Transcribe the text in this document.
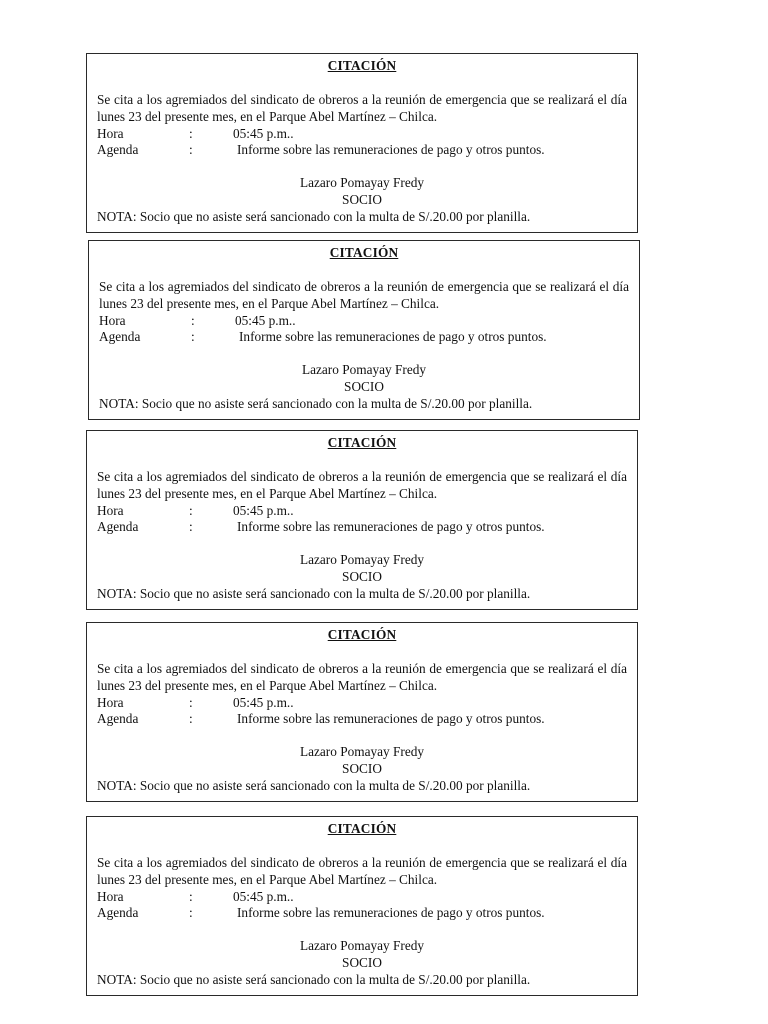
CITACIÓN
Se cita a los agremiados del sindicato de obreros a la reunión de emergencia que se realizará el día lunes 23 del presente mes, en el Parque Abel Martínez – Chilca.
Hora	:	05:45 p.m..
Agenda	:	Informe sobre las remuneraciones de pago y otros puntos.
Lazaro Pomayay Fredy
SOCIO
NOTA: Socio que no asiste será sancionado con la multa de S/.20.00 por planilla.
CITACIÓN
Se cita a los agremiados del sindicato de obreros a la reunión de emergencia que se realizará el día lunes 23 del presente mes, en el Parque Abel Martínez – Chilca.
Hora	:	05:45 p.m..
Agenda	:	Informe sobre las remuneraciones de pago y otros puntos.
Lazaro Pomayay Fredy
SOCIO
NOTA: Socio que no asiste será sancionado con la multa de S/.20.00 por planilla.
CITACIÓN
Se cita a los agremiados del sindicato de obreros a la reunión de emergencia que se realizará el día lunes 23 del presente mes, en el Parque Abel Martínez – Chilca.
Hora	:	05:45 p.m..
Agenda	:	Informe sobre las remuneraciones de pago y otros puntos.
Lazaro Pomayay Fredy
SOCIO
NOTA: Socio que no asiste será sancionado con la multa de S/.20.00 por planilla.
CITACIÓN
Se cita a los agremiados del sindicato de obreros a la reunión de emergencia que se realizará el día lunes 23 del presente mes, en el Parque Abel Martínez – Chilca.
Hora	:	05:45 p.m..
Agenda	:	Informe sobre las remuneraciones de pago y otros puntos.
Lazaro Pomayay Fredy
SOCIO
NOTA: Socio que no asiste será sancionado con la multa de S/.20.00 por planilla.
CITACIÓN
Se cita a los agremiados del sindicato de obreros a la reunión de emergencia que se realizará el día lunes 23 del presente mes, en el Parque Abel Martínez – Chilca.
Hora	:	05:45 p.m..
Agenda	:	Informe sobre las remuneraciones de pago y otros puntos.
Lazaro Pomayay Fredy
SOCIO
NOTA: Socio que no asiste será sancionado con la multa de S/.20.00 por planilla.
